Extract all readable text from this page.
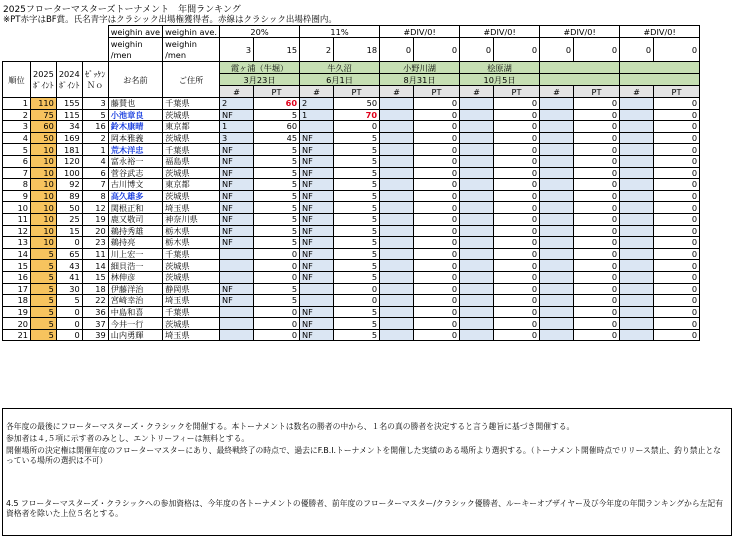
2025フローターマスターズトーナメント　年間ランキング
※PT赤字はBF賞。氏名青字はクラシック出場権獲得者。赤線はクラシック出場枠圏内。
				weighin ave	weighin ave.	20%		11%		#DIV/0!		#DIV/0!		#DIV/0!		#DIV/0!	
				weighin /men	weighin /men	3	15	2	18	0	0	0	0	0	0	0	0
順位	2025 ﾎﾟｲﾝﾄ	2024 ﾎﾟｲﾝﾄ	ｾﾞｯｹﾝ Ｎｏ	お名前	ご住所	霞ヶ浦（牛堀）		牛久沼		小野川湖		桧原湖					
						3月23日		6月1日		8月31日		10月5日					
						#	PT	#	PT	#	PT	#	PT	#	PT	#	PT
1	110	155	3	藤賛也	千葉県	2	60	2	50		0		0		0		0
2	75	115	5	小池章良	茨城県	NF	5	1	70		0		0		0		0
3	60	34	16	鈴木康晴	東京都	1	60		0		0		0		0		0
4	50	169	2	岡本雅義	茨城県	3	45	NF	5		0		0		0		0
5	10	181	1	荒木洋忠	千葉県	NF	5	NF	5		0		0		0		0
6	10	120	4	富永裕一	福島県	NF	5	NF	5		0		0		0		0
7	10	100	6	菅谷武志	茨城県	NF	5	NF	5		0		0		0		0
8	10	92	7	古川博文	東京都	NF	5	NF	5		0		0		0		0
9	10	89	8	高久雄多	茨城県	NF	5	NF	5		0		0		0		0
10	10	50	12	関根正和	埼玉県	NF	5	NF	5		0		0		0		0
11	10	25	19	鹿又敬司	神奈川県	NF	5	NF	5		0		0		0		0
12	10	15	20	鵜持秀雄	栃木県	NF	5	NF	5		0		0		0		0
13	10	0	23	鵜持亮	栃木県	NF	5	NF	5		0		0		0		0
14	5	65	11	川上宏一	千葉県		0	NF	5		0		0		0		0
15	5	43	14	細貝浩一	茨城県		0	NF	5		0		0		0		0
16	5	41	15	林伸彦	茨城県		0	NF	5		0		0		0		0
17	5	30	18	伊藤洋治	静岡県	NF	5		0		0		0		0		0
18	5	5	22	宮崎幸治	埼玉県	NF	5		0		0		0		0		0
19	5	0	36	中島和喜	千葉県		0	NF	5		0		0		0		0
20	5	0	37	今井一行	茨城県		0	NF	5		0		0		0		0
21	5	0	39	山内勇輝	埼玉県		0	NF	5		0		0		0		0
各年度の最後にフローターマスターズ・クラシックを開催する。本トーナメントは数名の勝者の中から、１名の真の勝者を決定すると言う趣旨に基づき開催する。
参加者は４,５項に示す者のみとし、エントリーフィーは無料とする。
開催場所の決定権は開催年度のフローターマスターにあり、最終戦終了の時点で、過去にF.B.I.トーナメントを開催した実績のある場所より選択する。（トーナメント開催時点でリリース禁止、釣り禁止となっている場所の選択は不可）
4.5 フローターマスターズ・クラシックへの参加資格は、今年度の各トーナメントの優勝者、前年度のフローターマスター/クラシック優勝者、ルーキーオブザイヤー及び今年度の年間ランキングから左記有資格者を除いた上位５名とする。
